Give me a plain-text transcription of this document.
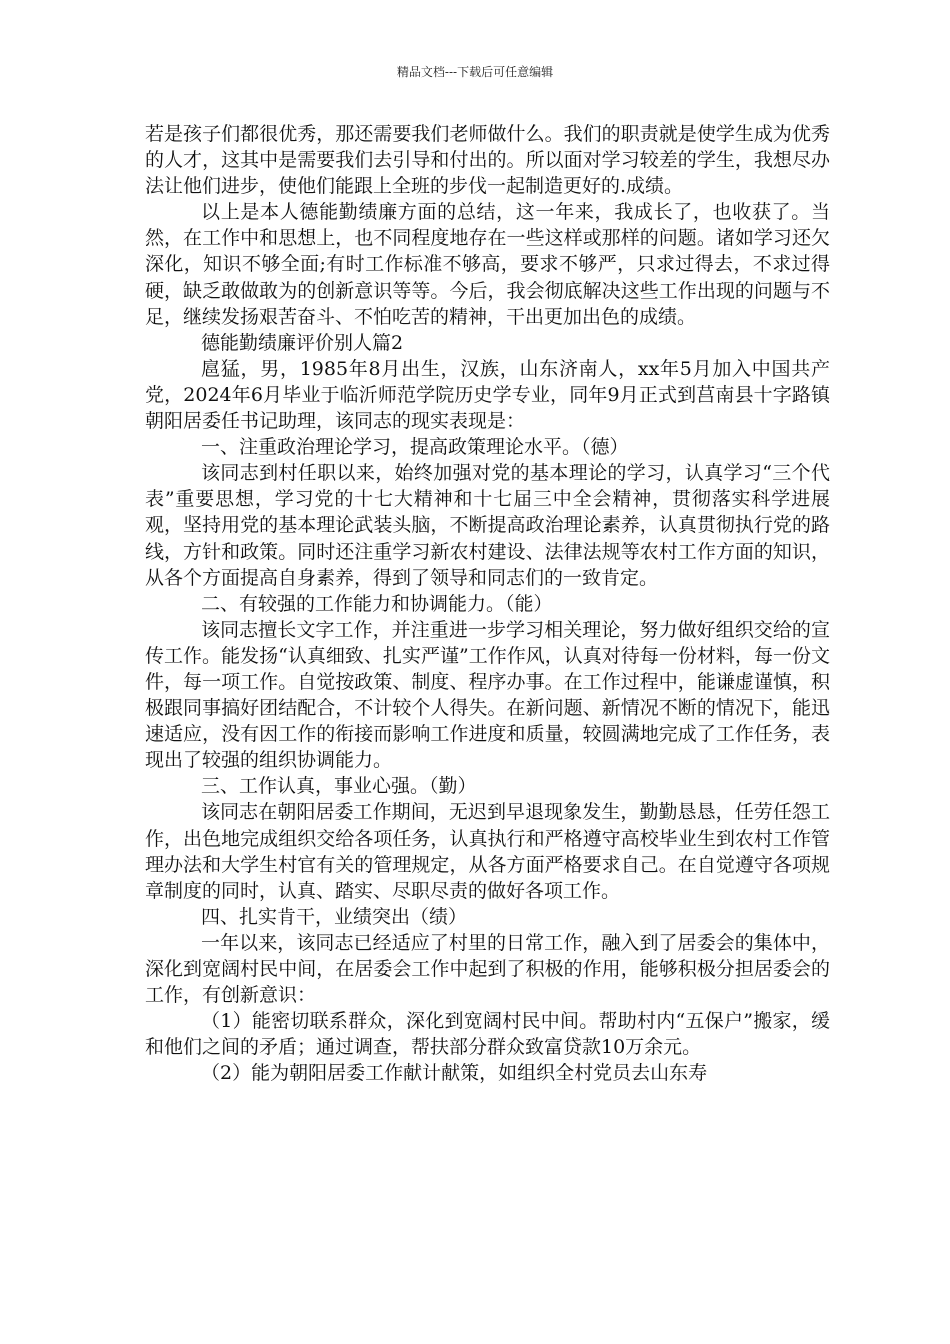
精品文档---下载后可任意编辑

若是孩子们都很优秀，那还需要我们老师做什么。我们的职责就是使学生成为优秀的人才，这其中是需要我们去引导和付出的。所以面对学习较差的学生，我想尽办法让他们进步，使他们能跟上全班的步伐一起制造更好的.成绩。

以上是本人德能勤绩廉方面的总结，这一年来，我成长了，也收获了。当然，在工作中和思想上，也不同程度地存在一些这样或那样的问题。诸如学习还欠深化，知识不够全面;有时工作标准不够高，要求不够严，只求过得去，不求过得硬，缺乏敢做敢为的创新意识等等。今后，我会彻底解决这些工作出现的问题与不足，继续发扬艰苦奋斗、不怕吃苦的精神，干出更加出色的成绩。

德能勤绩廉评价别人篇2

扈猛，男，1985年8月出生，汉族，山东济南人，xx年5月加入中国共产党，2024年6月毕业于临沂师范学院历史学专业，同年9月正式到莒南县十字路镇朝阳居委任书记助理，该同志的现实表现是：

一、注重政治理论学习，提高政策理论水平。（德）

该同志到村任职以来，始终加强对党的基本理论的学习，认真学习“三个代表”重要思想，学习党的十七大精神和十七届三中全会精神，贯彻落实科学进展观，坚持用党的基本理论武装头脑，不断提高政治理论素养，认真贯彻执行党的路线，方针和政策。同时还注重学习新农村建设、法律法规等农村工作方面的知识，从各个方面提高自身素养，得到了领导和同志们的一致肯定。

二、有较强的工作能力和协调能力。（能）

该同志擅长文字工作，并注重进一步学习相关理论，努力做好组织交给的宣传工作。能发扬“认真细致、扎实严谨”工作作风，认真对待每一份材料，每一份文件，每一项工作。自觉按政策、制度、程序办事。在工作过程中，能谦虚谨慎，积极跟同事搞好团结配合，不计较个人得失。在新问题、新情况不断的情况下，能迅速适应，没有因工作的衔接而影响工作进度和质量，较圆满地完成了工作任务，表现出了较强的组织协调能力。

三、工作认真，事业心强。（勤）

该同志在朝阳居委工作期间，无迟到早退现象发生，勤勤恳恳，任劳任怨工作，出色地完成组织交给各项任务，认真执行和严格遵守高校毕业生到农村工作管理办法和大学生村官有关的管理规定，从各方面严格要求自己。在自觉遵守各项规章制度的同时，认真、踏实、尽职尽责的做好各项工作。

四、扎实肯干，业绩突出（绩）

一年以来，该同志已经适应了村里的日常工作，融入到了居委会的集体中，深化到宽阔村民中间，在居委会工作中起到了积极的作用，能够积极分担居委会的工作，有创新意识：

（1）能密切联系群众，深化到宽阔村民中间。帮助村内“五保户”搬家，缓和他们之间的矛盾；通过调查，帮扶部分群众致富贷款10万余元。

（2）能为朝阳居委工作献计献策，如组织全村党员去山东寿
